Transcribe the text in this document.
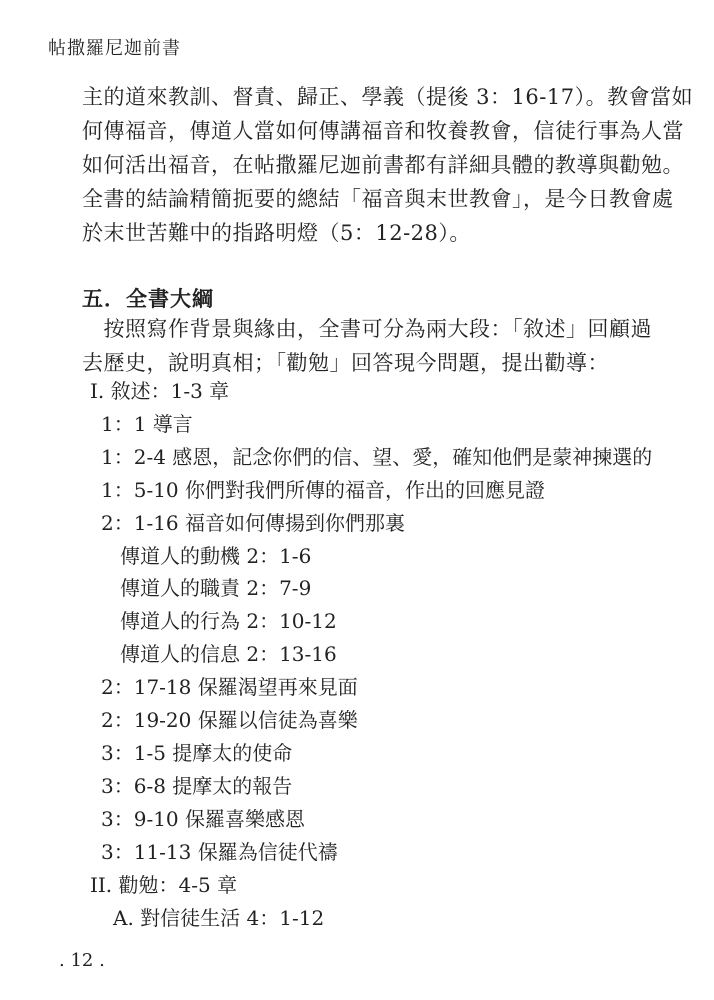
帖撒羅尼迦前書
主的道來教訓、督責、歸正、學義（提後 3：16-17）。教會當如
何傳福音，傳道人當如何傳講福音和牧養教會，信徒行事為人當
如何活出福音，在帖撒羅尼迦前書都有詳細具體的教導與勸勉。
全書的結論精簡扼要的總結「福音與末世教會」，是今日教會處
於末世苦難中的指路明燈（5：12-28）。
五．全書大綱
　按照寫作背景與緣由，全書可分為兩大段：「敘述」回顧過
去歷史，說明真相；「勸勉」回答現今問題，提出勸導：
I. 敘述：1-3 章
1：1 導言
1：2-4 感恩，記念你們的信、望、愛，確知他們是蒙神揀選的
1：5-10 你們對我們所傳的福音，作出的回應見證
2：1-16 福音如何傳揚到你們那裏
傳道人的動機 2：1-6
傳道人的職責 2：7-9
傳道人的行為 2：10-12
傳道人的信息 2：13-16
2：17-18 保羅渴望再來見面
2：19-20 保羅以信徒為喜樂
3：1-5 提摩太的使命
3：6-8 提摩太的報告
3：9-10 保羅喜樂感恩
3：11-13 保羅為信徒代禱
II. 勸勉：4-5 章
A. 對信徒生活 4：1-12
. 12 .
